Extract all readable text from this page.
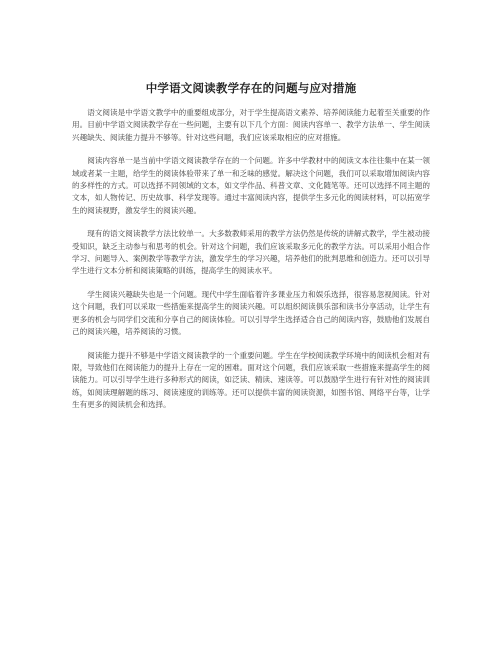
中学语文阅读教学存在的问题与应对措施

语文阅读是中学语文教学中的重要组成部分，对于学生提高语文素养、培养阅读能力起着至关重要的作用。目前中学语文阅读教学存在一些问题，主要有以下几个方面：阅读内容单一、教学方法单一、学生阅读兴趣缺失、阅读能力提升不够等。针对这些问题，我们应该采取相应的应对措施。

阅读内容单一是当前中学语文阅读教学存在的一个问题。许多中学教材中的阅读文本往往集中在某一领域或者某一主题，给学生的阅读体验带来了单一和乏味的感觉。解决这个问题，我们可以采取增加阅读内容的多样性的方式。可以选择不同领域的文本，如文学作品、科普文章、文化随笔等。还可以选择不同主题的文本，如人物传记、历史故事、科学发现等。通过丰富阅读内容，提供学生多元化的阅读材料，可以拓宽学生的阅读视野，激发学生的阅读兴趣。

现有的语文阅读教学方法比较单一。大多数教师采用的教学方法仍然是传统的讲解式教学，学生被动接受知识，缺乏主动参与和思考的机会。针对这个问题，我们应该采取多元化的教学方法。可以采用小组合作学习、问题导入、案例教学等教学方法，激发学生的学习兴趣，培养他们的批判思维和创造力。还可以引导学生进行文本分析和阅读策略的训练，提高学生的阅读水平。

学生阅读兴趣缺失也是一个问题。现代中学生面临着许多课业压力和娱乐选择，很容易忽视阅读。针对这个问题，我们可以采取一些措施来提高学生的阅读兴趣。可以组织阅读俱乐部和读书分享活动，让学生有更多的机会与同学们交流和分享自己的阅读体验。可以引导学生选择适合自己的阅读内容，鼓励他们发展自己的阅读兴趣，培养阅读的习惯。

阅读能力提升不够是中学语文阅读教学的一个重要问题。学生在学校阅读教学环境中的阅读机会相对有限，导致他们在阅读能力的提升上存在一定的困难。面对这个问题，我们应该采取一些措施来提高学生的阅读能力。可以引导学生进行多种形式的阅读，如泛读、精读、速读等。可以鼓励学生进行有针对性的阅读训练，如阅读理解题的练习、阅读速度的训练等。还可以提供丰富的阅读资源，如图书馆、网络平台等，让学生有更多的阅读机会和选择。
